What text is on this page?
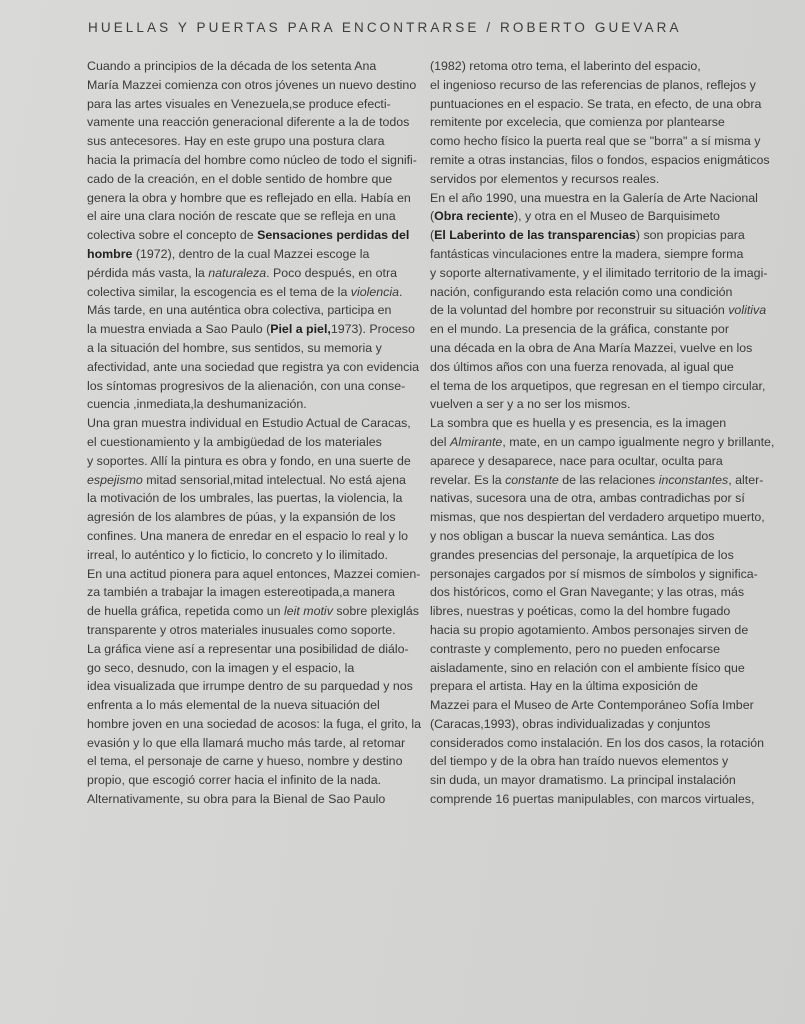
HUELLAS Y PUERTAS PARA ENCONTRARSE / ROBERTO GUEVARA
Cuando a principios de la década de los setenta Ana
María Mazzei comienza con otros jóvenes un nuevo destino
para las artes visuales en Venezuela,se produce efecti-
vamente una reacción generacional diferente a la de todos
sus antecesores. Hay en este grupo una postura clara
hacia la primacía del hombre como núcleo de todo el signifi-
cado de la creación, en el doble sentido de hombre que
genera la obra y hombre que es reflejado en ella. Había en
el aire una clara noción de rescate que se refleja en una
colectiva sobre el concepto de Sensaciones perdidas del
hombre (1972), dentro de la cual Mazzei escoge la
pérdida más vasta, la naturaleza. Poco después, en otra
colectiva similar, la escogencia es el tema de la violencia.
Más tarde, en una auténtica obra colectiva, participa en
la muestra enviada a Sao Paulo (Piel a piel,1973). Proceso
a la situación del hombre, sus sentidos, su memoria y
afectividad, ante una sociedad que registra ya con evidencia
los síntomas progresivos de la alienación, con una conse-
cuencia ,inmediata,la deshumanización.
Una gran muestra individual en Estudio Actual de Caracas,
el cuestionamiento y la ambigüedad de los materiales
y soportes. Allí la pintura es obra y fondo, en una suerte de
espejismo mitad sensorial,mitad intelectual. No está ajena
la motivación de los umbrales, las puertas, la violencia, la
agresión de los alambres de púas, y la expansión de los
confines. Una manera de enredar en el espacio lo real y lo
irreal, lo auténtico y lo ficticio, lo concreto y lo ilimitado.
En una actitud pionera para aquel entonces, Mazzei comien-
za también a trabajar la imagen estereotipada,a manera
de huella gráfica, repetida como un leit motiv sobre plexiglás
transparente y otros materiales inusuales como soporte.
La gráfica viene así a representar una posibilidad de diálo-
go seco, desnudo, con la imagen y el espacio, la
idea visualizada que irrumpe dentro de su parquedad y nos
enfrenta a lo más elemental de la nueva situación del
hombre joven en una sociedad de acosos: la fuga, el grito, la
evasión y lo que ella llamará mucho más tarde, al retomar
el tema, el personaje de carne y hueso, nombre y destino
propio, que escogió correr hacia el infinito de la nada.
Alternativamente, su obra para la Bienal de Sao Paulo
(1982) retoma otro tema, el laberinto del espacio,
el ingenioso recurso de las referencias de planos, reflejos y
puntuaciones en el espacio. Se trata, en efecto, de una obra
remitente por excelecia, que comienza por plantearse
como hecho físico la puerta real que se "borra" a sí misma y
remite a otras instancias, filos o fondos, espacios enigmáticos
servidos por elementos y recursos reales.
En el año 1990, una muestra en la Galería de Arte Nacional
(Obra reciente), y otra en el Museo de Barquisimeto
(El Laberinto de las transparencias) son propicias para
fantásticas vinculaciones entre la madera, siempre forma
y soporte alternativamente, y el ilimitado territorio de la imagi-
nación, configurando esta relación como una condición
de la voluntad del hombre por reconstruir su situación volitiva
en el mundo. La presencia de la gráfica, constante por
una década en la obra de Ana María Mazzei, vuelve en los
dos últimos años con una fuerza renovada, al igual que
el tema de los arquetipos, que regresan en el tiempo circular,
vuelven a ser y a no ser los mismos.
La sombra que es huella y es presencia, es la imagen
del Almirante, mate, en un campo igualmente negro y brillante,
aparece y desaparece, nace para ocultar, oculta para
revelar. Es la constante de las relaciones inconstantes, alter-
nativas, sucesora una de otra, ambas contradichas por sí
mismas, que nos despiertan del verdadero arquetipo muerto,
y nos obligan a buscar la nueva semántica. Las dos
grandes presencias del personaje, la arquetípica de los
personajes cargados por sí mismos de símbolos y significa-
dos históricos, como el Gran Navegante; y las otras, más
libres, nuestras y poéticas, como la del hombre fugado
hacia su propio agotamiento. Ambos personajes sirven de
contraste y complemento, pero no pueden enfocarse
aisladamente, sino en relación con el ambiente físico que
prepara el artista. Hay en la última exposición de
Mazzei para el Museo de Arte Contemporáneo Sofía Imber
(Caracas,1993), obras individualizadas y conjuntos
considerados como instalación. En los dos casos, la rotación
del tiempo y de la obra han traído nuevos elementos y
sin duda, un mayor dramatismo. La principal instalación
comprende 16 puertas manipulables, con marcos virtuales,
